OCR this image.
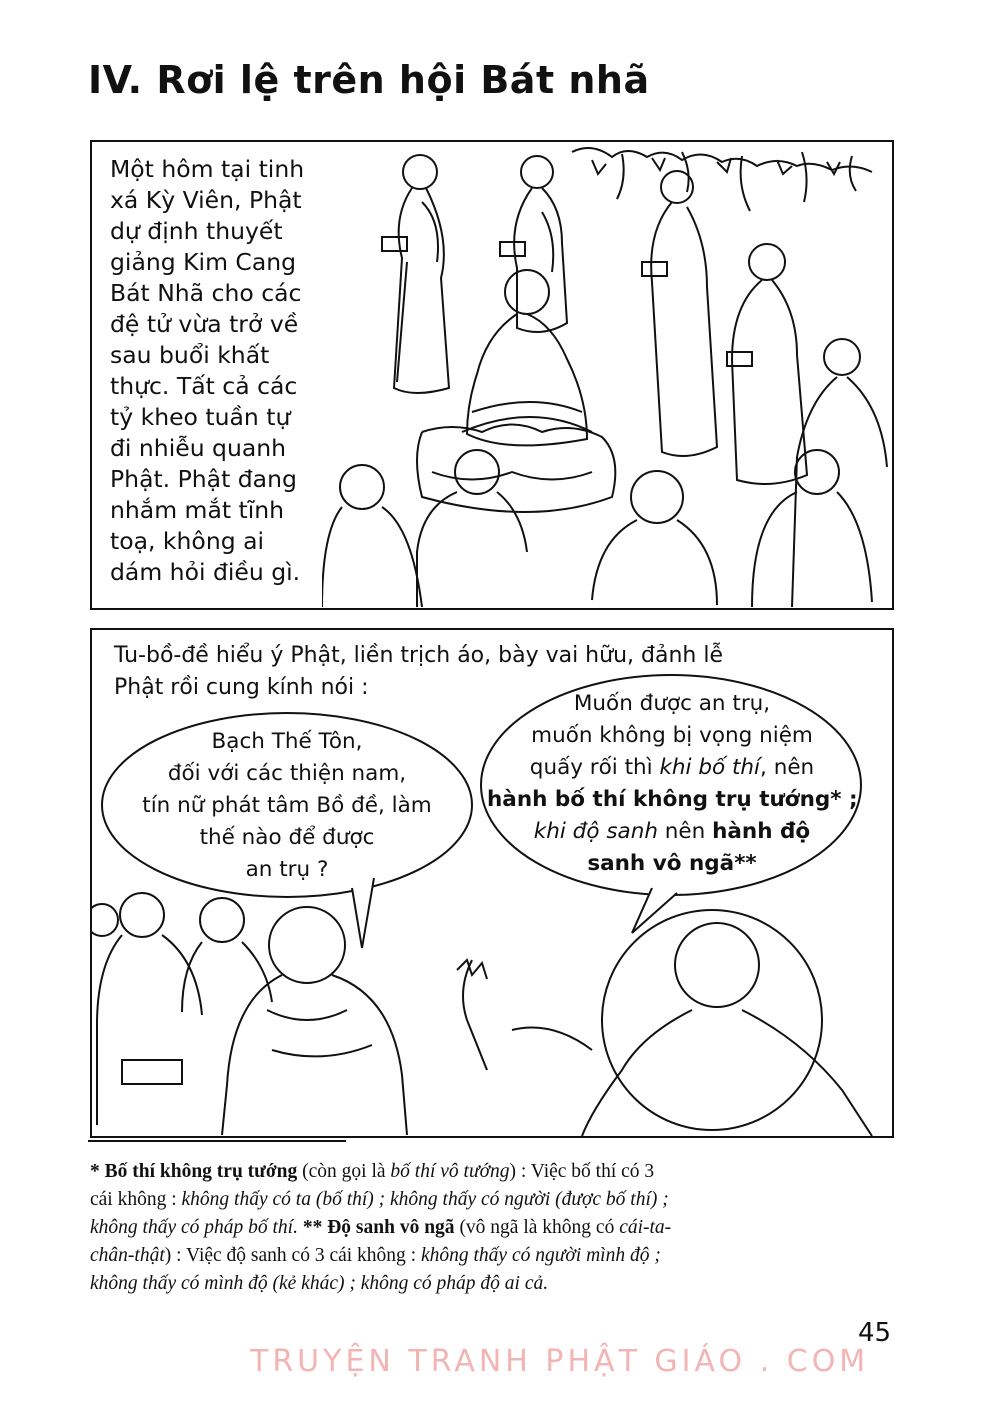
IV. Rơi lệ trên hội Bát nhã
Một hôm tại tinh
xá Kỳ Viên, Phật
dự định thuyết
giảng Kim Cang
Bát Nhã cho các
đệ tử vừa trở về
sau buổi khất
thực. Tất cả các
tỷ kheo tuần tự
đi nhiễu quanh
Phật. Phật đang
nhắm mắt tĩnh
toạ, không ai
dám hỏi điều gì.
Tu-bồ-đề hiểu ý Phật, liền trịch áo, bày vai hữu, đảnh lễ
Phật rồi cung kính nói :
Bạch Thế Tôn,
đối với các thiện nam,
tín nữ phát tâm Bồ đề, làm
thế nào để được
an trụ ?
Muốn được an trụ,
muốn không bị vọng niệm
quấy rối thì khi bố thí, nên
hành bố thí không trụ tướng* ;
khi độ sanh nên hành độ
sanh vô ngã**
* Bố thí không trụ tướng (còn gọi là bố thí vô tướng) : Việc bố thí có 3
cái không : không thấy có ta (bố thí) ; không thấy có người (được bố thí) ;
không thấy có pháp bố thí. ** Độ sanh vô ngã (vô ngã là không có cái-ta-
chân-thật) : Việc độ sanh có 3 cái không : không thấy có người mình độ ;
không thấy có mình độ (kẻ khác) ; không có pháp độ ai cả.
45
TRUYỆN TRANH PHẬT GIÁO . COM
